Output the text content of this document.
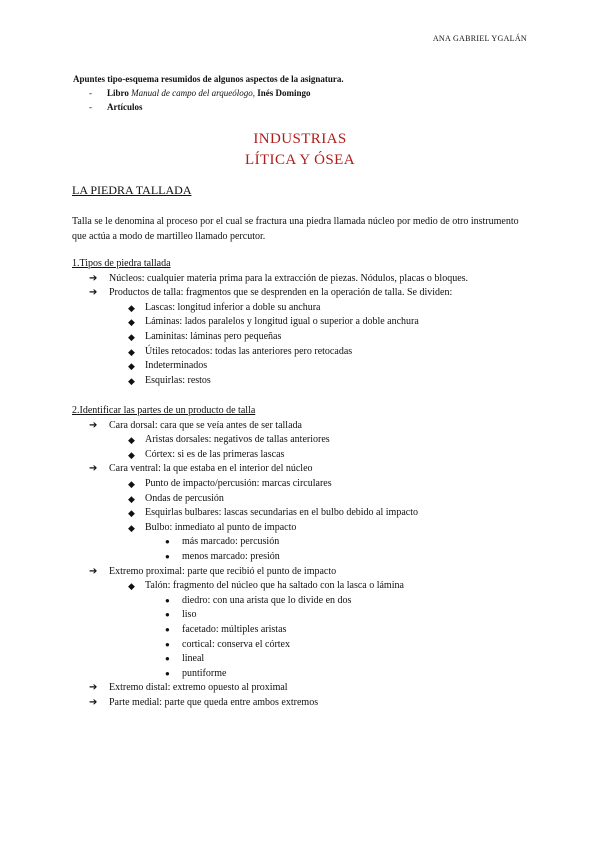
ANA GABRIEL YGALÁN
Apuntes tipo-esquema resumidos de algunos aspectos de la asignatura.
- Libro Manual de campo del arqueólogo, Inés Domingo
- Artículos
INDUSTRIAS
LÍTICA Y ÓSEA
LA PIEDRA TALLADA
Talla se le denomina al proceso por el cual se fractura una piedra llamada núcleo por medio de otro instrumento que actúa a modo de martilleo llamado percutor.
1.Tipos de piedra tallada
➔ Núcleos: cualquier materia prima para la extracción de piezas. Nódulos, placas o bloques.
➔ Productos de talla: fragmentos que se desprenden en la operación de talla. Se dividen:
◆ Lascas: longitud inferior a doble su anchura
◆ Láminas: lados paralelos y longitud igual o superior a doble anchura
◆ Laminitas: láminas pero pequeñas
◆ Útiles retocados: todas las anteriores pero retocadas
◆ Indeterminados
◆ Esquirlas: restos
2.Identificar las partes de un producto de talla
➔ Cara dorsal: cara que se veía antes de ser tallada
◆ Aristas dorsales: negativos de tallas anteriores
◆ Córtex: si es de las primeras lascas
➔ Cara ventral: la que estaba en el interior del núcleo
◆ Punto de impacto/percusión: marcas circulares
◆ Ondas de percusión
◆ Esquirlas bulbares: lascas secundarias en el bulbo debido al impacto
◆ Bulbo: inmediato al punto de impacto
● más marcado: percusión
● menos marcado: presión
➔ Extremo proximal: parte que recibió el punto de impacto
◆ Talón: fragmento del núcleo que ha saltado con la lasca o lámina
● diedro: con una arista que lo divide en dos
● liso
● facetado: múltiples aristas
● cortical: conserva el córtex
● lineal
● puntiforme
➔ Extremo distal: extremo opuesto al proximal
➔ Parte medial: parte que queda entre ambos extremos
